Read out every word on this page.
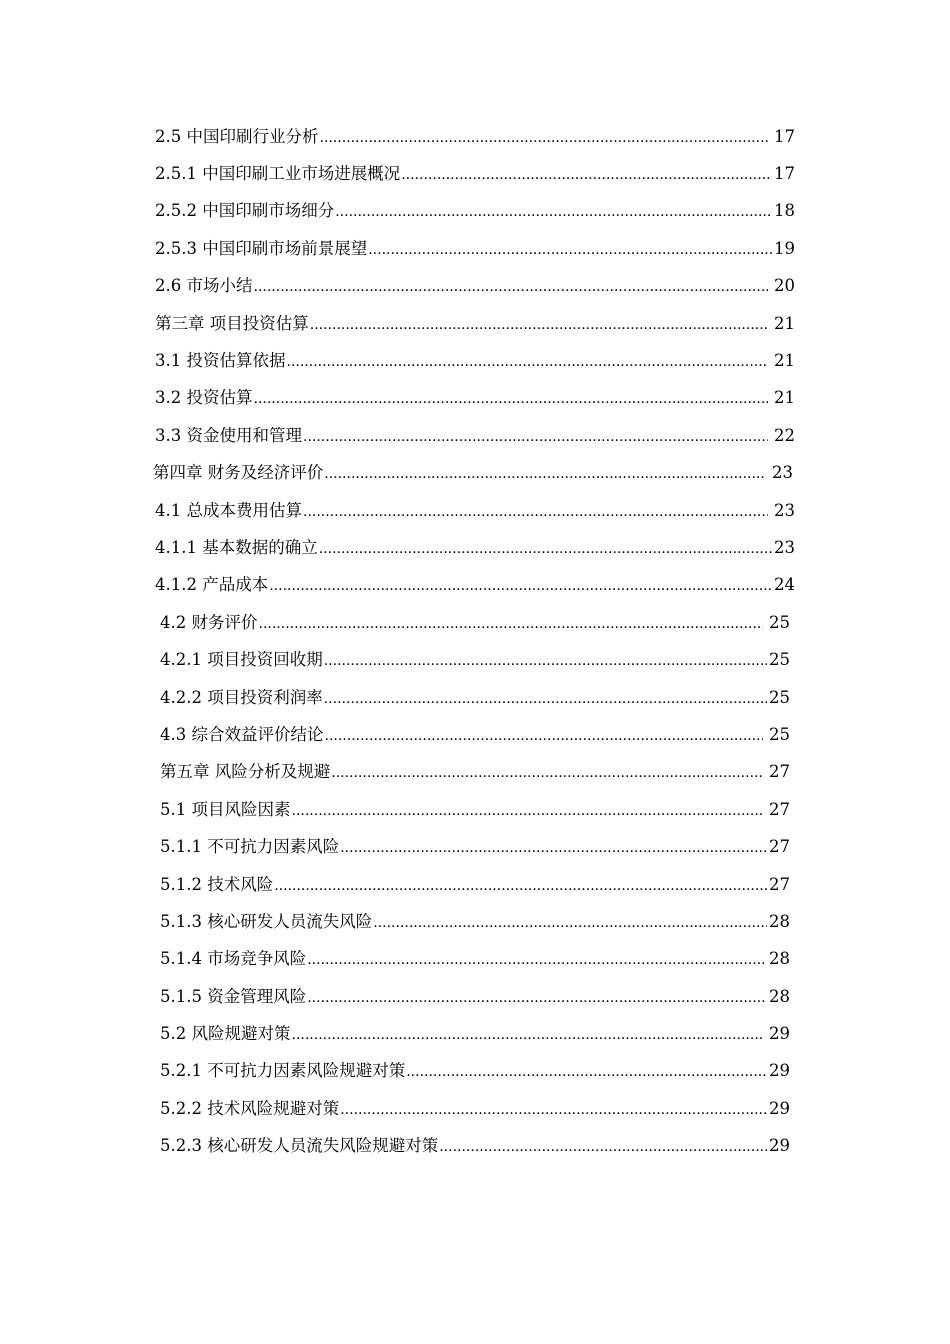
2.5 中国印刷行业分析 .....	17
2.5.1 中国印刷工业市场进展概况 .....	17
2.5.2 中国印刷市场细分 .....	18
2.5.3 中国印刷市场前景展望 .....	19
2.6 市场小结 .....	20
第三章 项目投资估算 .....	21
3.1 投资估算依据 .....	21
3.2 投资估算 .....	21
3.3 资金使用和管理 .....	22
第四章 财务及经济评价 .....	23
4.1 总成本费用估算 .....	23
4.1.1 基本数据的确立 .....	23
4.1.2 产品成本 .....	24
4.2 财务评价 .....	25
4.2.1 项目投资回收期 .....	25
4.2.2 项目投资利润率 .....	25
4.3 综合效益评价结论 .....	25
第五章 风险分析及规避 .....	27
5.1 项目风险因素 .....	27
5.1.1 不可抗力因素风险 .....	27
5.1.2 技术风险 .....	27
5.1.3 核心研发人员流失风险 .....	28
5.1.4 市场竞争风险 .....	28
5.1.5 资金管理风险 .....	28
5.2 风险规避对策 .....	29
5.2.1 不可抗力因素风险规避对策 .....	29
5.2.2 技术风险规避对策 .....	29
5.2.3 核心研发人员流失风险规避对策 .....	29
